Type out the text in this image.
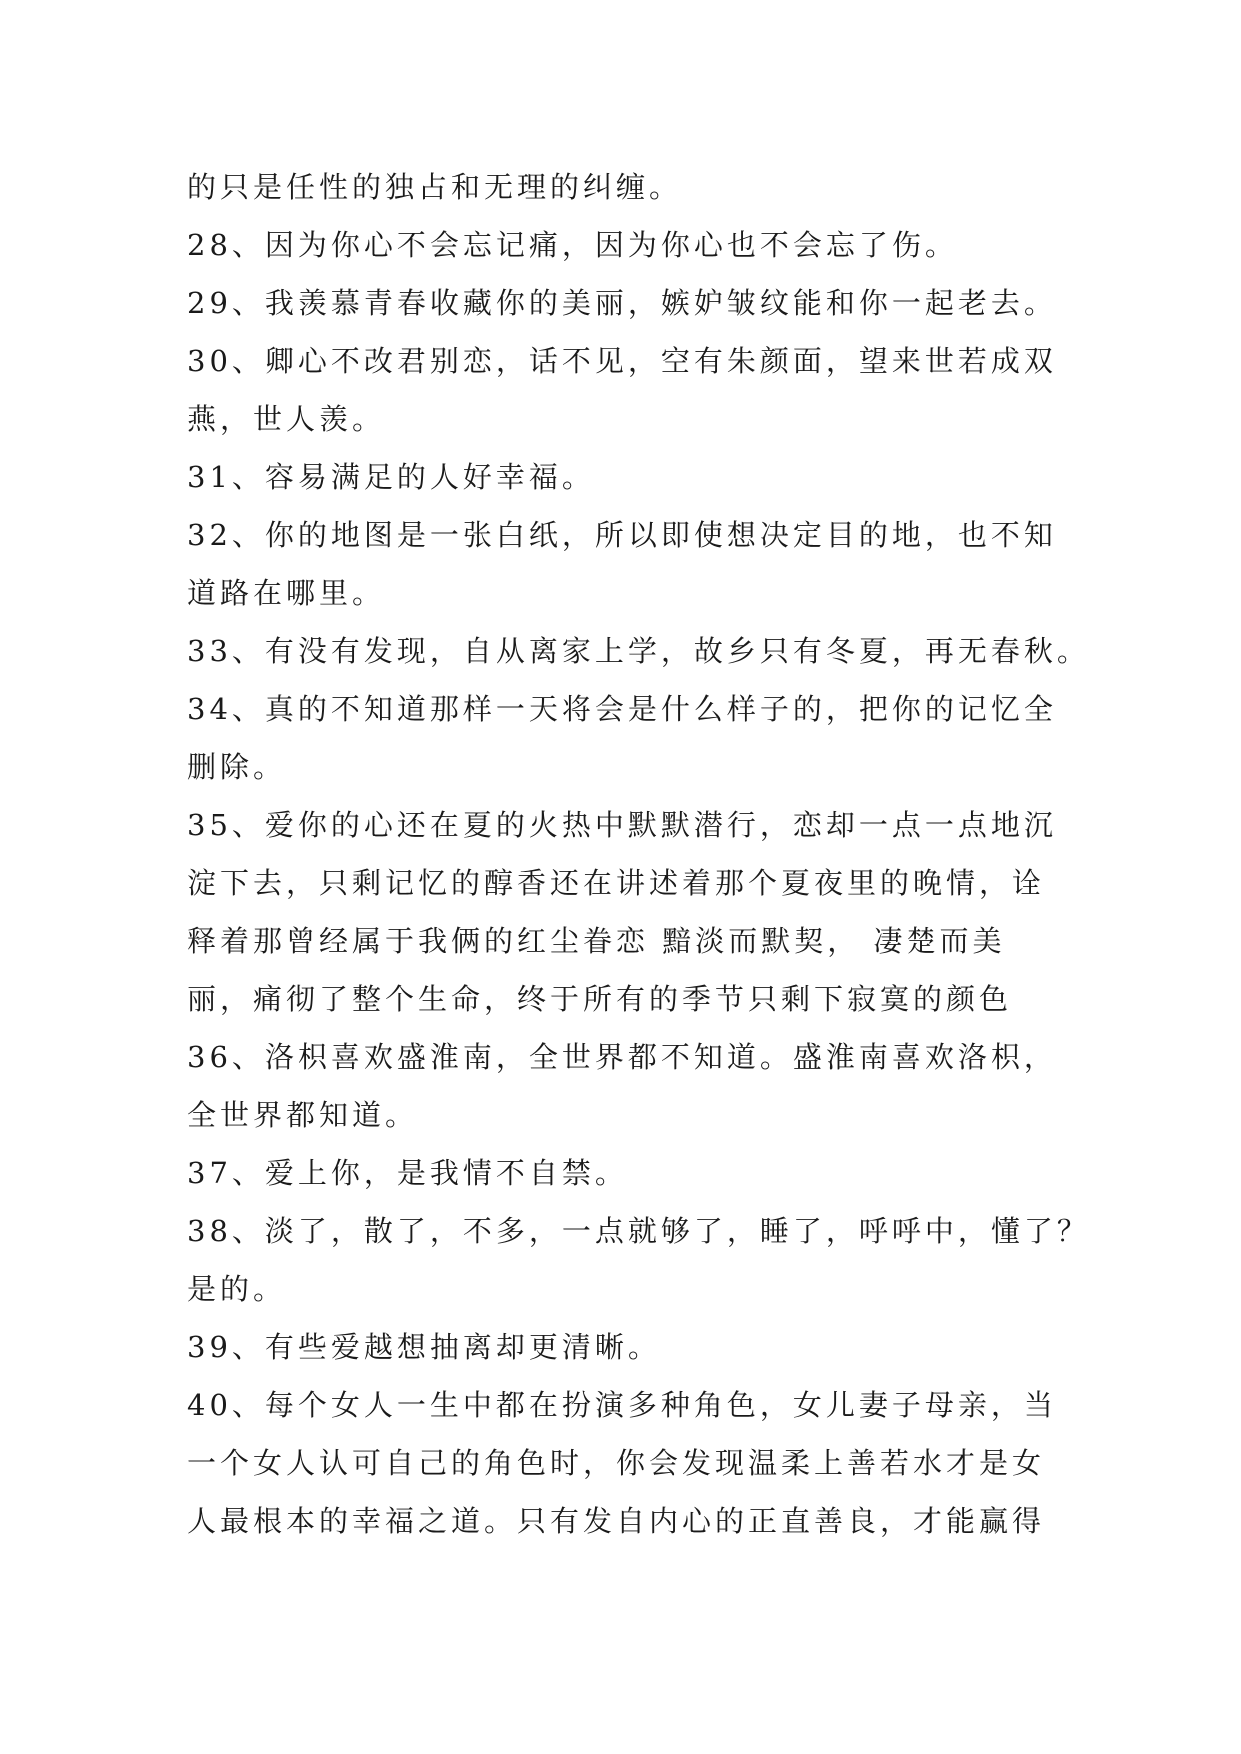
的只是任性的独占和无理的纠缠。
28、因为你心不会忘记痛，因为你心也不会忘了伤。
29、我羡慕青春收藏你的美丽，嫉妒皱纹能和你一起老去。
30、卿心不改君别恋，话不见，空有朱颜面，望来世若成双
燕，世人羡。
31、容易满足的人好幸福。
32、你的地图是一张白纸，所以即使想决定目的地，也不知
道路在哪里。
33、有没有发现，自从离家上学，故乡只有冬夏，再无春秋。
34、真的不知道那样一天将会是什么样子的，把你的记忆全
删除。
35、爱你的心还在夏的火热中默默潜行，恋却一点一点地沉
淀下去，只剩记忆的醇香还在讲述着那个夏夜里的晚情，诠
释着那曾经属于我俩的红尘眷恋 黯淡而默契， 凄楚而美
丽，痛彻了整个生命，终于所有的季节只剩下寂寞的颜色
36、洛枳喜欢盛淮南，全世界都不知道。盛淮南喜欢洛枳，
全世界都知道。
37、爱上你，是我情不自禁。
38、淡了，散了，不多，一点就够了，睡了，呼呼中，懂了？
是的。
39、有些爱越想抽离却更清晰。
40、每个女人一生中都在扮演多种角色，女儿妻子母亲，当
一个女人认可自己的角色时，你会发现温柔上善若水才是女
人最根本的幸福之道。只有发自内心的正直善良，才能赢得
